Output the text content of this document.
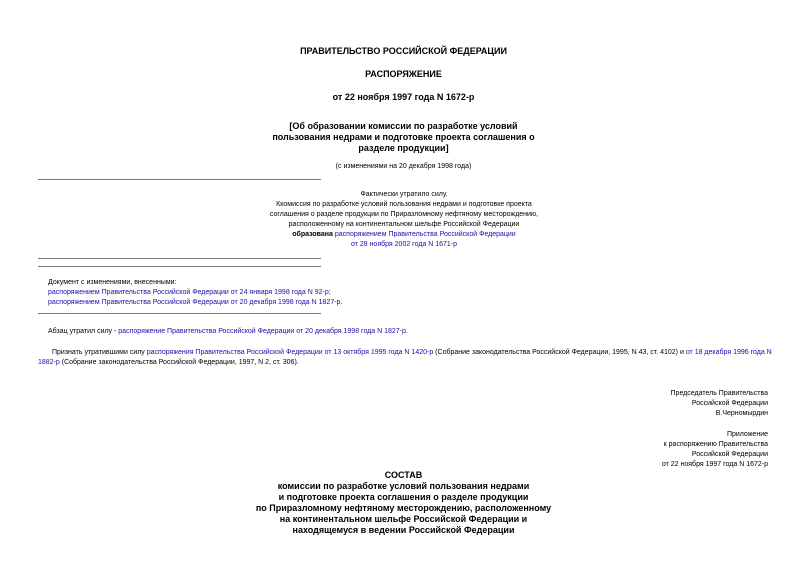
ПРАВИТЕЛЬСТВО РОССИЙСКОЙ ФЕДЕРАЦИИ
РАСПОРЯЖЕНИЕ
от 22 ноября 1997 года N 1672-р
[Об образовании комиссии по разработке условий
пользования недрами и подготовке проекта соглашения о
разделе продукции]
(с изменениями на 20 декабря 1998 года)
Фактически утратило силу.
Ккомиссия по разработке условий пользования недрами и подготовке проекта
соглашения о разделе продукции по Приразломному нефтяному месторождению,
расположенному на континентальном шельфе Российской Федерации
образована распоряжением Правительства Российской Федерации
от 28 ноября 2002 года N 1671-р
Документ с изменениями, внесенными:
распоряжением Правительства Российской Федерации от 24 января 1998 года N 92-р;
распоряжением Правительства Российской Федерации от 20 декабря 1998 года N 1827-р.
Абзац утратил силу - распоряжение Правительства Российской Федерации от 20 декабря 1998 года N 1827-р.
Признать утратившими силу распоряжения Правительства Российской Федерации от 13 октября 1995 года N 1420-р (Собрание законодательства Российской Федерации, 1995, N 43, ст. 4102) и от 18 декабря 1996 года N 1882-р (Собрание законодательства Российской Федерации, 1997, N 2, ст. 306).
Председатель Правительства
Российской Федерации
В.Черномырдин
Приложение
к распоряжению Правительства
Российской Федерации
от 22 ноября 1997 года N 1672-р
СОСТАВ
комиссии по разработке условий пользования недрами
и подготовке проекта соглашения о разделе продукции
по Приразломному нефтяному месторождению, расположенному
на континентальном шельфе Российской Федерации и
находящемуся в ведении Российской Федерации
